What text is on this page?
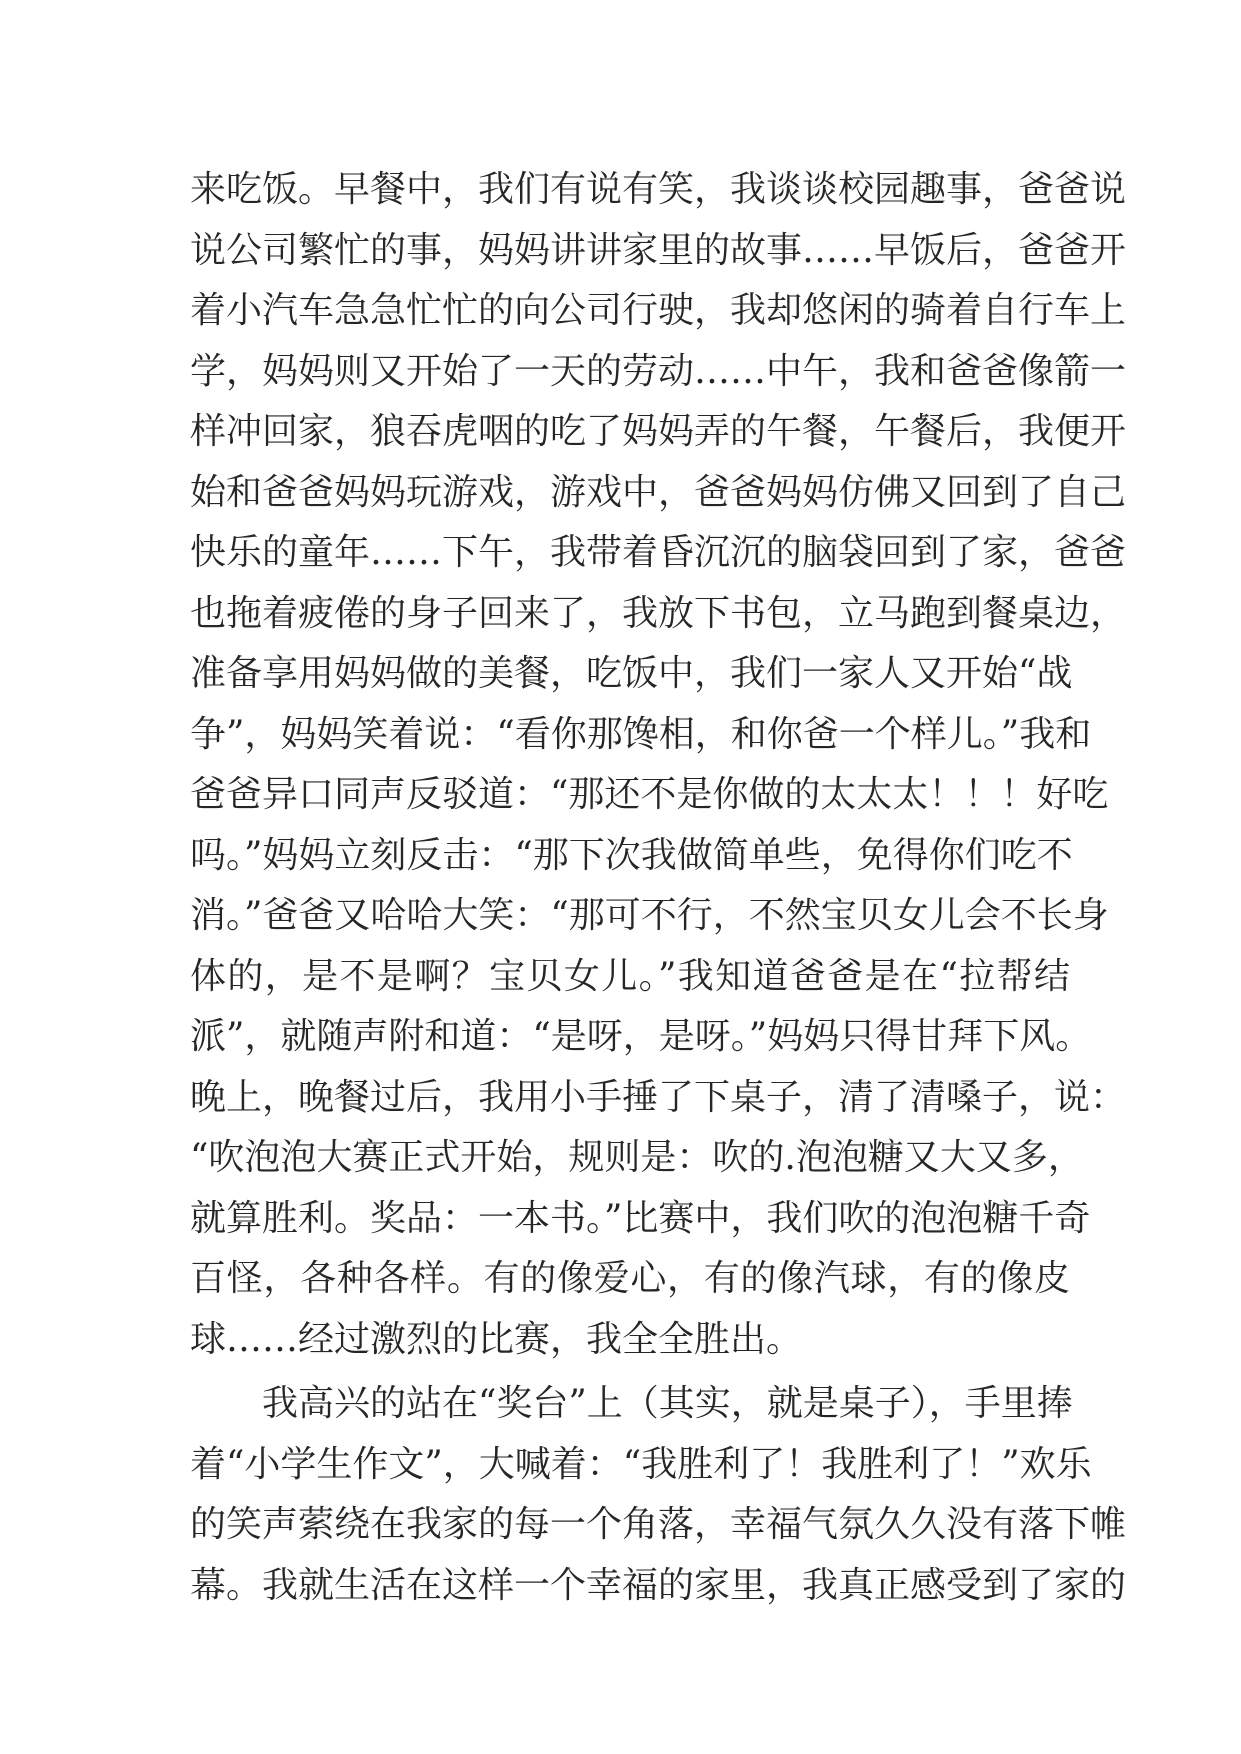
来吃饭。早餐中，我们有说有笑，我谈谈校园趣事，爸爸说
说公司繁忙的事，妈妈讲讲家里的故事……早饭后，爸爸开
着小汽车急急忙忙的向公司行驶，我却悠闲的骑着自行车上
学，妈妈则又开始了一天的劳动……中午，我和爸爸像箭一
样冲回家，狼吞虎咽的吃了妈妈弄的午餐，午餐后，我便开
始和爸爸妈妈玩游戏，游戏中，爸爸妈妈仿佛又回到了自己
快乐的童年……下午，我带着昏沉沉的脑袋回到了家，爸爸
也拖着疲倦的身子回来了，我放下书包，立马跑到餐桌边，
准备享用妈妈做的美餐，吃饭中，我们一家人又开始“战
争”，妈妈笑着说：“看你那馋相，和你爸一个样儿。”我和
爸爸异口同声反驳道：“那还不是你做的太太太！！！好吃
吗。”妈妈立刻反击：“那下次我做简单些，免得你们吃不
消。”爸爸又哈哈大笑：“那可不行，不然宝贝女儿会不长身
体的，是不是啊？宝贝女儿。”我知道爸爸是在“拉帮结
派”，就随声附和道：“是呀，是呀。”妈妈只得甘拜下风。
晚上，晚餐过后，我用小手捶了下桌子，清了清嗓子，说：
“吹泡泡大赛正式开始，规则是：吹的.泡泡糖又大又多，
就算胜利。奖品：一本书。”比赛中，我们吹的泡泡糖千奇
百怪，各种各样。有的像爱心，有的像汽球，有的像皮
球……经过激烈的比赛，我全全胜出。
我高兴的站在“奖台”上（其实，就是桌子），手里捧
着“小学生作文”，大喊着：“我胜利了！我胜利了！”欢乐
的笑声萦绕在我家的每一个角落，幸福气氛久久没有落下帷
幕。我就生活在这样一个幸福的家里，我真正感受到了家的
